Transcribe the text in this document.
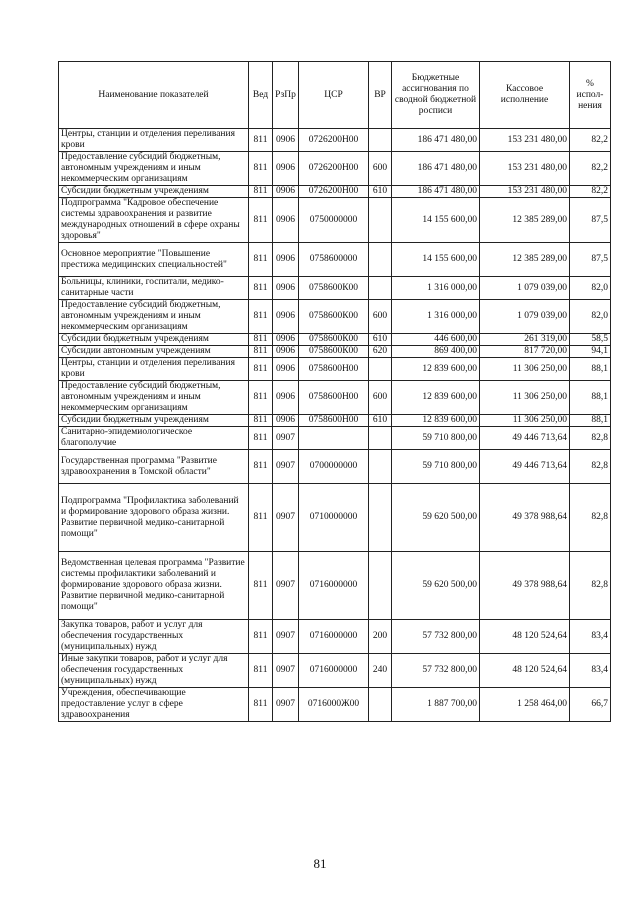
Наименование показателей	Вед	РзПр	ЦСР	ВР	Бюджетные ассигнования по сводной бюджетной росписи	Кассовое исполнение	% испол-нения
Центры, станции и отделения переливания крови	811	0906	0726200Н00		186 471 480,00	153 231 480,00	82,2
Предоставление субсидий бюджетным, автономным учреждениям и иным некоммерческим организациям	811	0906	0726200Н00	600	186 471 480,00	153 231 480,00	82,2
Субсидии бюджетным учреждениям	811	0906	0726200Н00	610	186 471 480,00	153 231 480,00	82,2
Подпрограмма "Кадровое обеспечение системы здравоохранения и развитие международных отношений в сфере охраны здоровья"	811	0906	0750000000		14 155 600,00	12 385 289,00	87,5
Основное мероприятие "Повышение престижа медицинских специальностей"	811	0906	0758600000		14 155 600,00	12 385 289,00	87,5
Больницы, клиники, госпитали, медико-санитарные части	811	0906	0758600К00		1 316 000,00	1 079 039,00	82,0
Предоставление субсидий бюджетным, автономным учреждениям и иным некоммерческим организациям	811	0906	0758600К00	600	1 316 000,00	1 079 039,00	82,0
Субсидии бюджетным учреждениям	811	0906	0758600К00	610	446 600,00	261 319,00	58,5
Субсидии автономным учреждениям	811	0906	0758600К00	620	869 400,00	817 720,00	94,1
Центры, станции и отделения переливания крови	811	0906	0758600Н00		12 839 600,00	11 306 250,00	88,1
Предоставление субсидий бюджетным, автономным учреждениям и иным некоммерческим организациям	811	0906	0758600Н00	600	12 839 600,00	11 306 250,00	88,1
Субсидии бюджетным учреждениям	811	0906	0758600Н00	610	12 839 600,00	11 306 250,00	88,1
Санитарно-эпидемиологическое благополучие	811	0907			59 710 800,00	49 446 713,64	82,8
Государственная программа "Развитие здравоохранения в Томской области"	811	0907	0700000000		59 710 800,00	49 446 713,64	82,8
Подпрограмма "Профилактика заболеваний и формирование здорового образа жизни. Развитие первичной медико-санитарной помощи"	811	0907	0710000000		59 620 500,00	49 378 988,64	82,8
Ведомственная целевая программа "Развитие системы профилактики заболеваний и формирование здорового образа жизни. Развитие первичной медико-санитарной помощи"	811	0907	0716000000		59 620 500,00	49 378 988,64	82,8
Закупка товаров, работ и услуг для обеспечения государственных (муниципальных) нужд	811	0907	0716000000	200	57 732 800,00	48 120 524,64	83,4
Иные закупки товаров, работ и услуг для обеспечения государственных (муниципальных) нужд	811	0907	0716000000	240	57 732 800,00	48 120 524,64	83,4
Учреждения, обеспечивающие предоставление услуг в сфере здравоохранения	811	0907	0716000Ж00		1 887 700,00	1 258 464,00	66,7
81
